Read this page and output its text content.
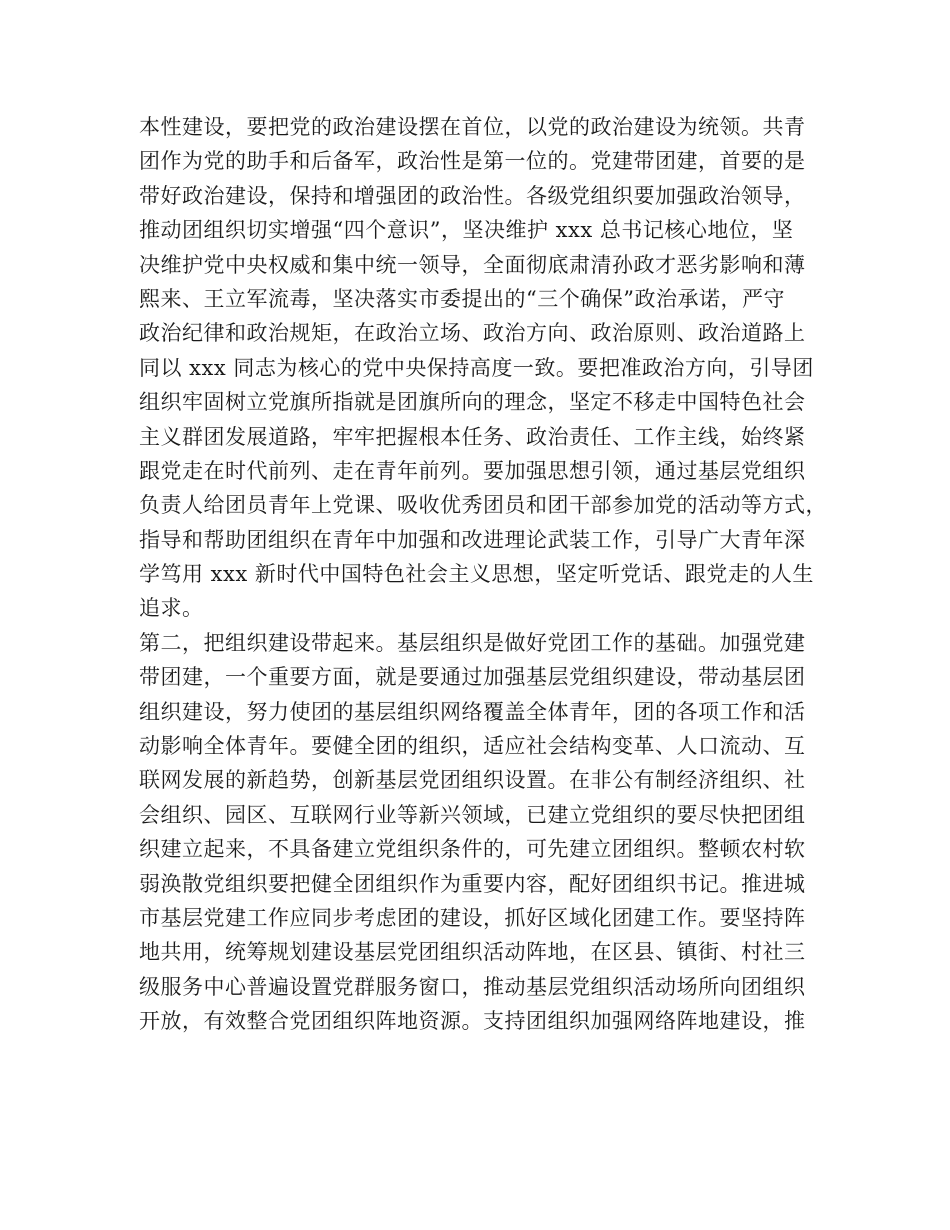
本性建设，要把党的政治建设摆在首位，以党的政治建设为统领。共青
团作为党的助手和后备军，政治性是第一位的。党建带团建，首要的是
带好政治建设，保持和增强团的政治性。各级党组织要加强政治领导，
推动团组织切实增强“四个意识”，坚决维护 xxx 总书记核心地位，坚
决维护党中央权威和集中统一领导，全面彻底肃清孙政才恶劣影响和薄
熙来、王立军流毒，坚决落实市委提出的“三个确保”政治承诺，严守
政治纪律和政治规矩，在政治立场、政治方向、政治原则、政治道路上
同以 xxx 同志为核心的党中央保持高度一致。要把准政治方向，引导团
组织牢固树立党旗所指就是团旗所向的理念，坚定不移走中国特色社会
主义群团发展道路，牢牢把握根本任务、政治责任、工作主线，始终紧
跟党走在时代前列、走在青年前列。要加强思想引领，通过基层党组织
负责人给团员青年上党课、吸收优秀团员和团干部参加党的活动等方式，
指导和帮助团组织在青年中加强和改进理论武装工作，引导广大青年深
学笃用 xxx 新时代中国特色社会主义思想，坚定听党话、跟党走的人生
追求。
第二，把组织建设带起来。基层组织是做好党团工作的基础。加强党建
带团建，一个重要方面，就是要通过加强基层党组织建设，带动基层团
组织建设，努力使团的基层组织网络覆盖全体青年，团的各项工作和活
动影响全体青年。要健全团的组织，适应社会结构变革、人口流动、互
联网发展的新趋势，创新基层党团组织设置。在非公有制经济组织、社
会组织、园区、互联网行业等新兴领域，已建立党组织的要尽快把团组
织建立起来，不具备建立党组织条件的，可先建立团组织。整顿农村软
弱涣散党组织要把健全团组织作为重要内容，配好团组织书记。推进城
市基层党建工作应同步考虑团的建设，抓好区域化团建工作。要坚持阵
地共用，统筹规划建设基层党团组织活动阵地，在区县、镇街、村社三
级服务中心普遍设置党群服务窗口，推动基层党组织活动场所向团组织
开放，有效整合党团组织阵地资源。支持团组织加强网络阵地建设，推
